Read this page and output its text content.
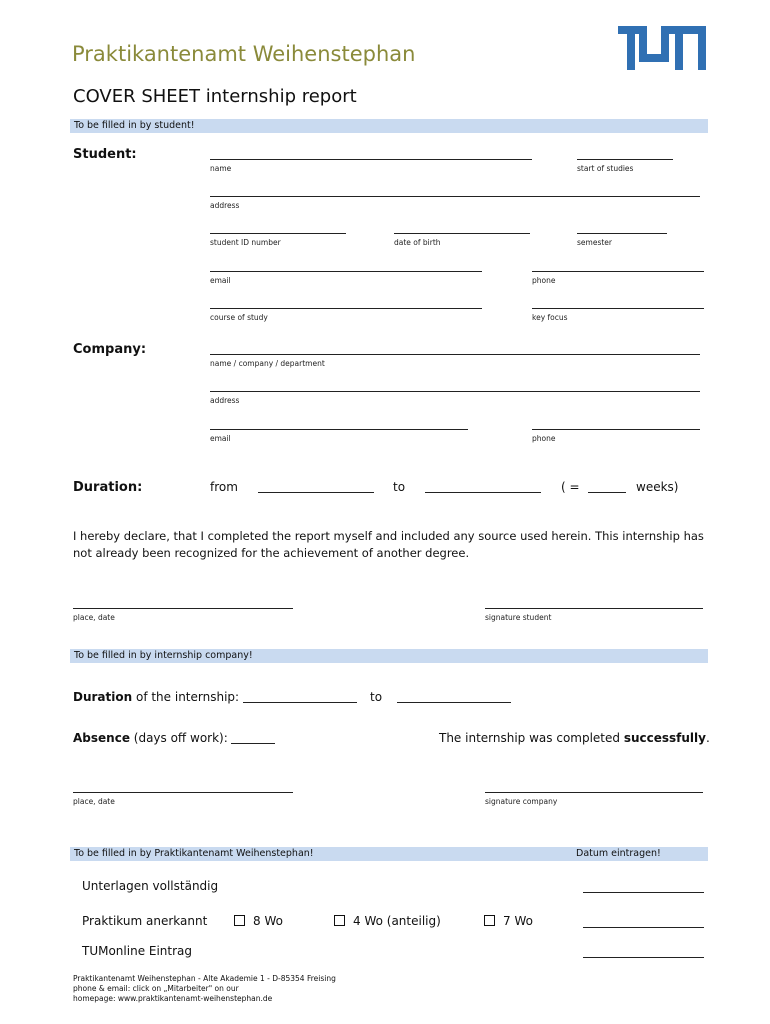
Praktikantenamt Weihenstephan
COVER SHEET internship report
To be filled in by student!
Student:
name	start of studies
address
student ID number	date of birth	semester
email	phone
course of study	key focus
Company:
name / company / department
address
email	phone
Duration:	from	to	( =	weeks)
I hereby declare, that I completed the report myself and included any source used herein. This internship has not already been recognized for the achievement of another degree.
place, date	signature student
To be filled in by internship company!
Duration of the internship:	to
Absence (days off work):	The internship was completed successfully.
place, date	signature company
To be filled in by Praktikantenamt Weihenstephan!	Datum eintragen!
Unterlagen vollständig
Praktikum anerkannt	8 Wo	4 Wo (anteilig)	7 Wo
TUMonline Eintrag
Praktikantenamt Weihenstephan - Alte Akademie 1 - D-85354 Freising
phone & email: click on „Mitarbeiter" on our
homepage: www.praktikantenamt-weihenstephan.de
